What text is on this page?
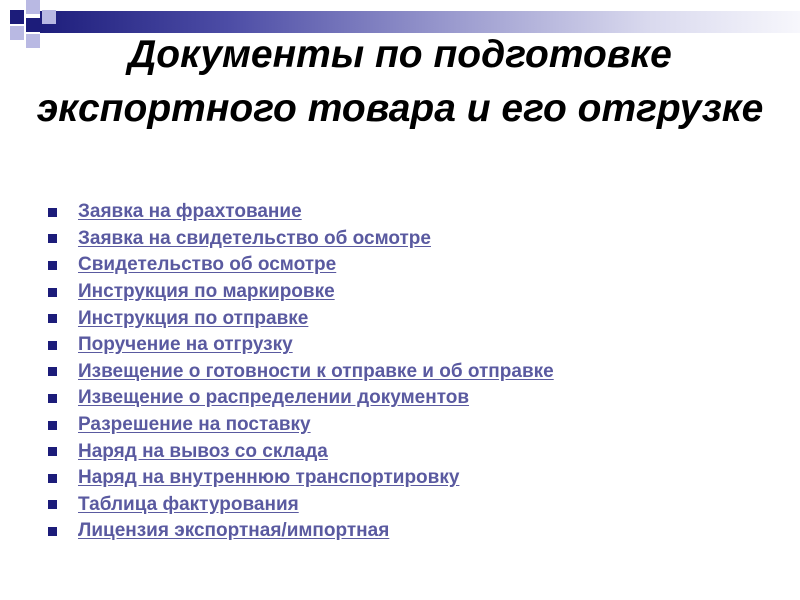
Документы по подготовке экспортного товара и его отгрузке
Заявка на фрахтование
Заявка на свидетельство об осмотре
Свидетельство об осмотре
Инструкция по маркировке
Инструкция по отправке
Поручение на отгрузку
Извещение о готовности к отправке и об отправке
Извещение о распределении документов
Разрешение на поставку
Наряд на вывоз со склада
Наряд на внутреннюю транспортировку
Таблица фактурования
Лицензия экспортная/импортная
